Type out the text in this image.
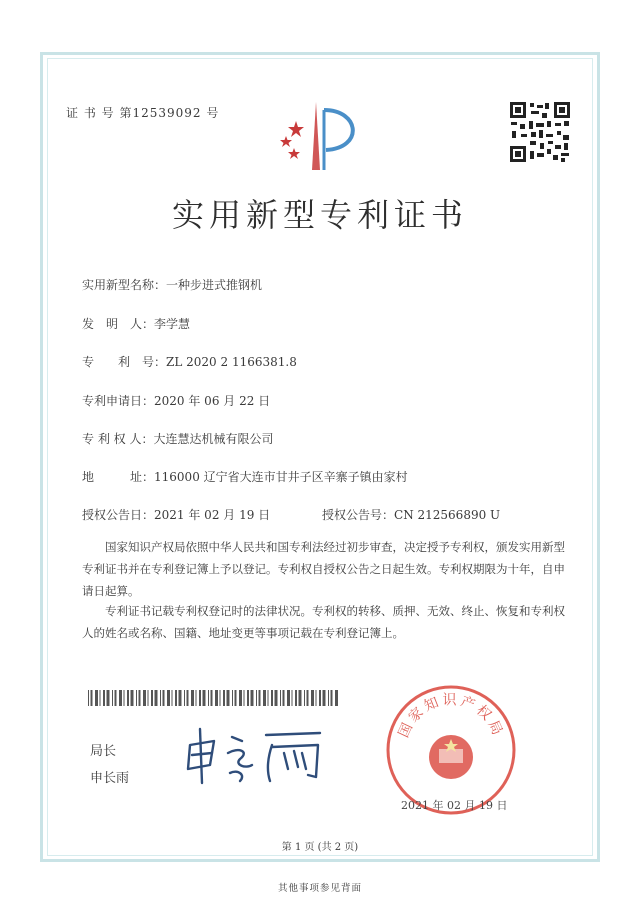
证 书 号 第12539092 号
实用新型专利证书
实用新型名称：一种步进式推钢机
发　明　人：李学慧
专　　利　号：ZL 2020 2 1166381.8
专利申请日：2020 年 06 月 22 日
专 利 权 人：大连慧达机械有限公司
地　　　址：116000 辽宁省大连市甘井子区辛寨子镇由家村
授权公告日：2021 年 02 月 19 日	授权公告号：CN 212566890 U
国家知识产权局依照中华人民共和国专利法经过初步审查，决定授予专利权，颁发实用新型专利证书并在专利登记簿上予以登记。专利权自授权公告之日起生效。专利权期限为十年，自申请日起算。
专利证书记载专利权登记时的法律状况。专利权的转移、质押、无效、终止、恢复和专利权人的姓名或名称、国籍、地址变更等事项记载在专利登记簿上。
局长
申长雨
国家知识产权局
2021 年 02 月 19 日
第 1 页 (共 2 页)
其他事项参见背面
